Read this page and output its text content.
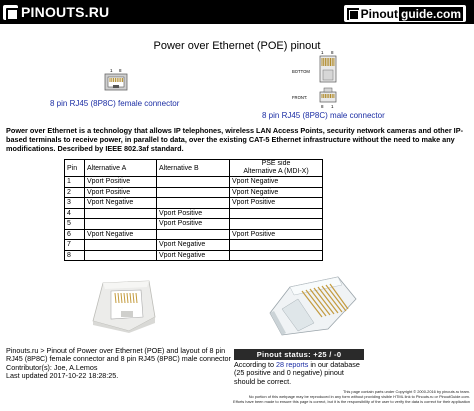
PINOUTS.RU	Pinout guide.com
Power over Ethernet (POE) pinout
1 8
8 pin RJ45 (8P8C) female connector
1 8
BOTTOM
FRONT:
8 1
8 pin RJ45 (8P8C) male connector
Power over Ethernet is a technology that allows IP telephones, wireless LAN Access Points, security network cameras and other IP-based terminals to receive power, in parallel to data, over the existing CAT-5 Ethernet infrastructure without the need to make any modifications. Described by IEEE 802.3af standard.
Pin	Alternative A	Alternative B	PSE side
Alternative A (MDI-X)
1	Vport Positive		Vport Negative
2	Vport Positive		Vport Negative
3	Vport Negative		Vport Positive
4		Vport Positive	
5		Vport Positive	
6	Vport Negative		Vport Positive
7		Vport Negative	
8		Vport Negative	
Pinouts.ru > Pinout of Power over Ethernet (POE) and layout of 8 pin
RJ45 (8P8C) female connector and 8 pin RJ45 (8P8C) male connector
Contributor(s): Joe, A.Lemos
Last updated 2017-10-22 18:28:25.
Pinout status: +25 / -0
According to 28 reports in our database (25 positive and 0 negative) pinout should be correct.
This page contain parts under Copyright © 2000-2016 by pinouts.ru team.
No portion of this webpage may be reproduced in any form without providing visible HTML link to Pinouts.ru or PinoutGuide.com.
Efforts have been made to ensure this page is correct, but it is the responsibility of the user to verify the data is correct for their application
